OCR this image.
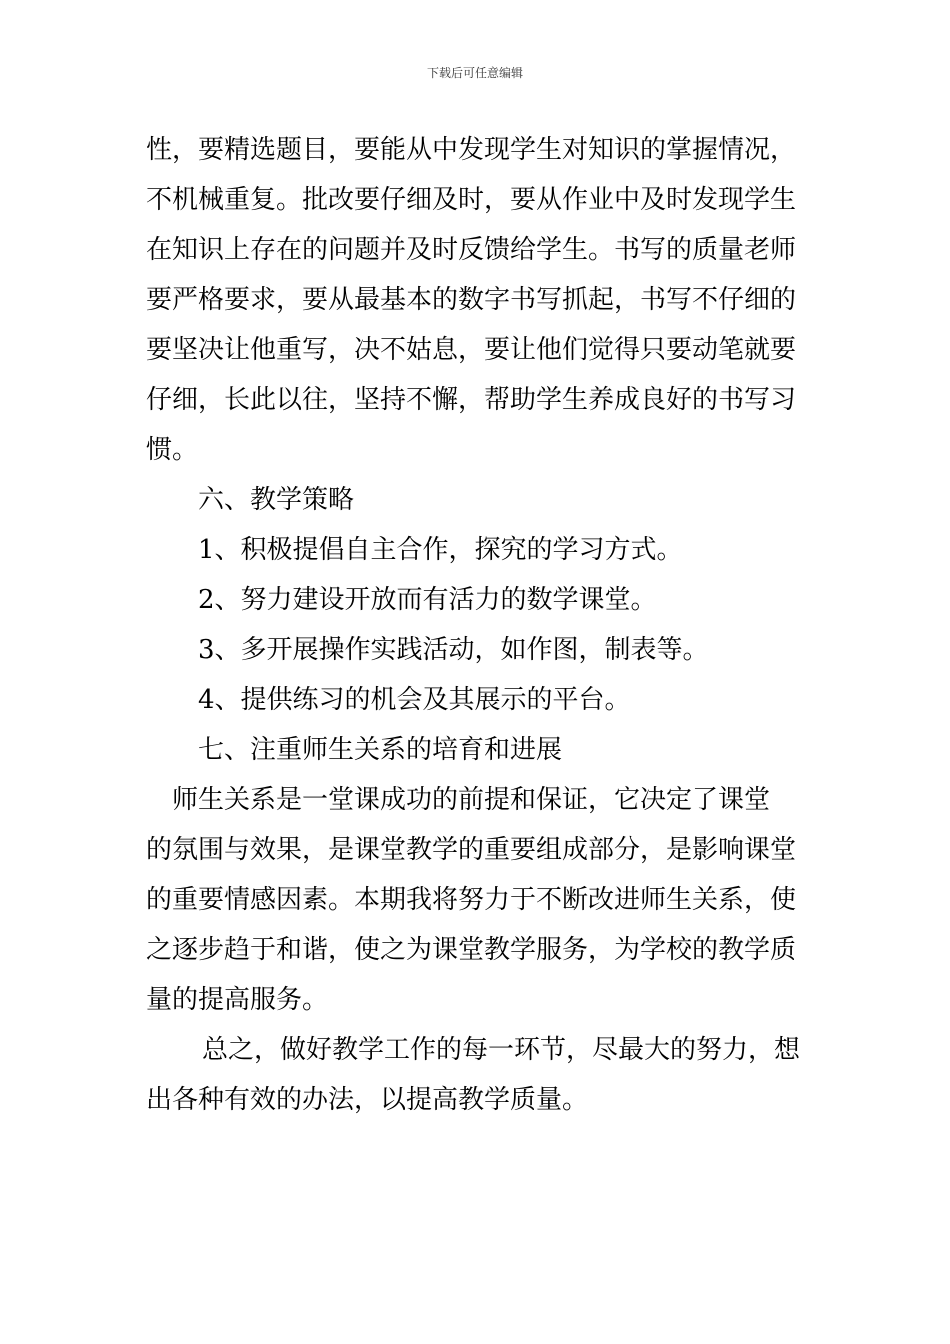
下载后可任意编辑
性，要精选题目，要能从中发现学生对知识的掌握情况，
不机械重复。批改要仔细及时，要从作业中及时发现学生
在知识上存在的问题并及时反馈给学生。书写的质量老师
要严格要求，要从最基本的数字书写抓起，书写不仔细的
要坚决让他重写，决不姑息，要让他们觉得只要动笔就要
仔细，长此以往，坚持不懈，帮助学生养成良好的书写习
惯。
六、教学策略
1、积极提倡自主合作，探究的学习方式。
2、努力建设开放而有活力的数学课堂。
3、多开展操作实践活动，如作图，制表等。
4、提供练习的机会及其展示的平台。
七、注重师生关系的培育和进展
师生关系是一堂课成功的前提和保证，它决定了课堂
的氛围与效果，是课堂教学的重要组成部分，是影响课堂
的重要情感因素。本期我将努力于不断改进师生关系，使
之逐步趋于和谐，使之为课堂教学服务，为学校的教学质
量的提高服务。
总之，做好教学工作的每一环节，尽最大的努力，想
出各种有效的办法，以提高教学质量。
